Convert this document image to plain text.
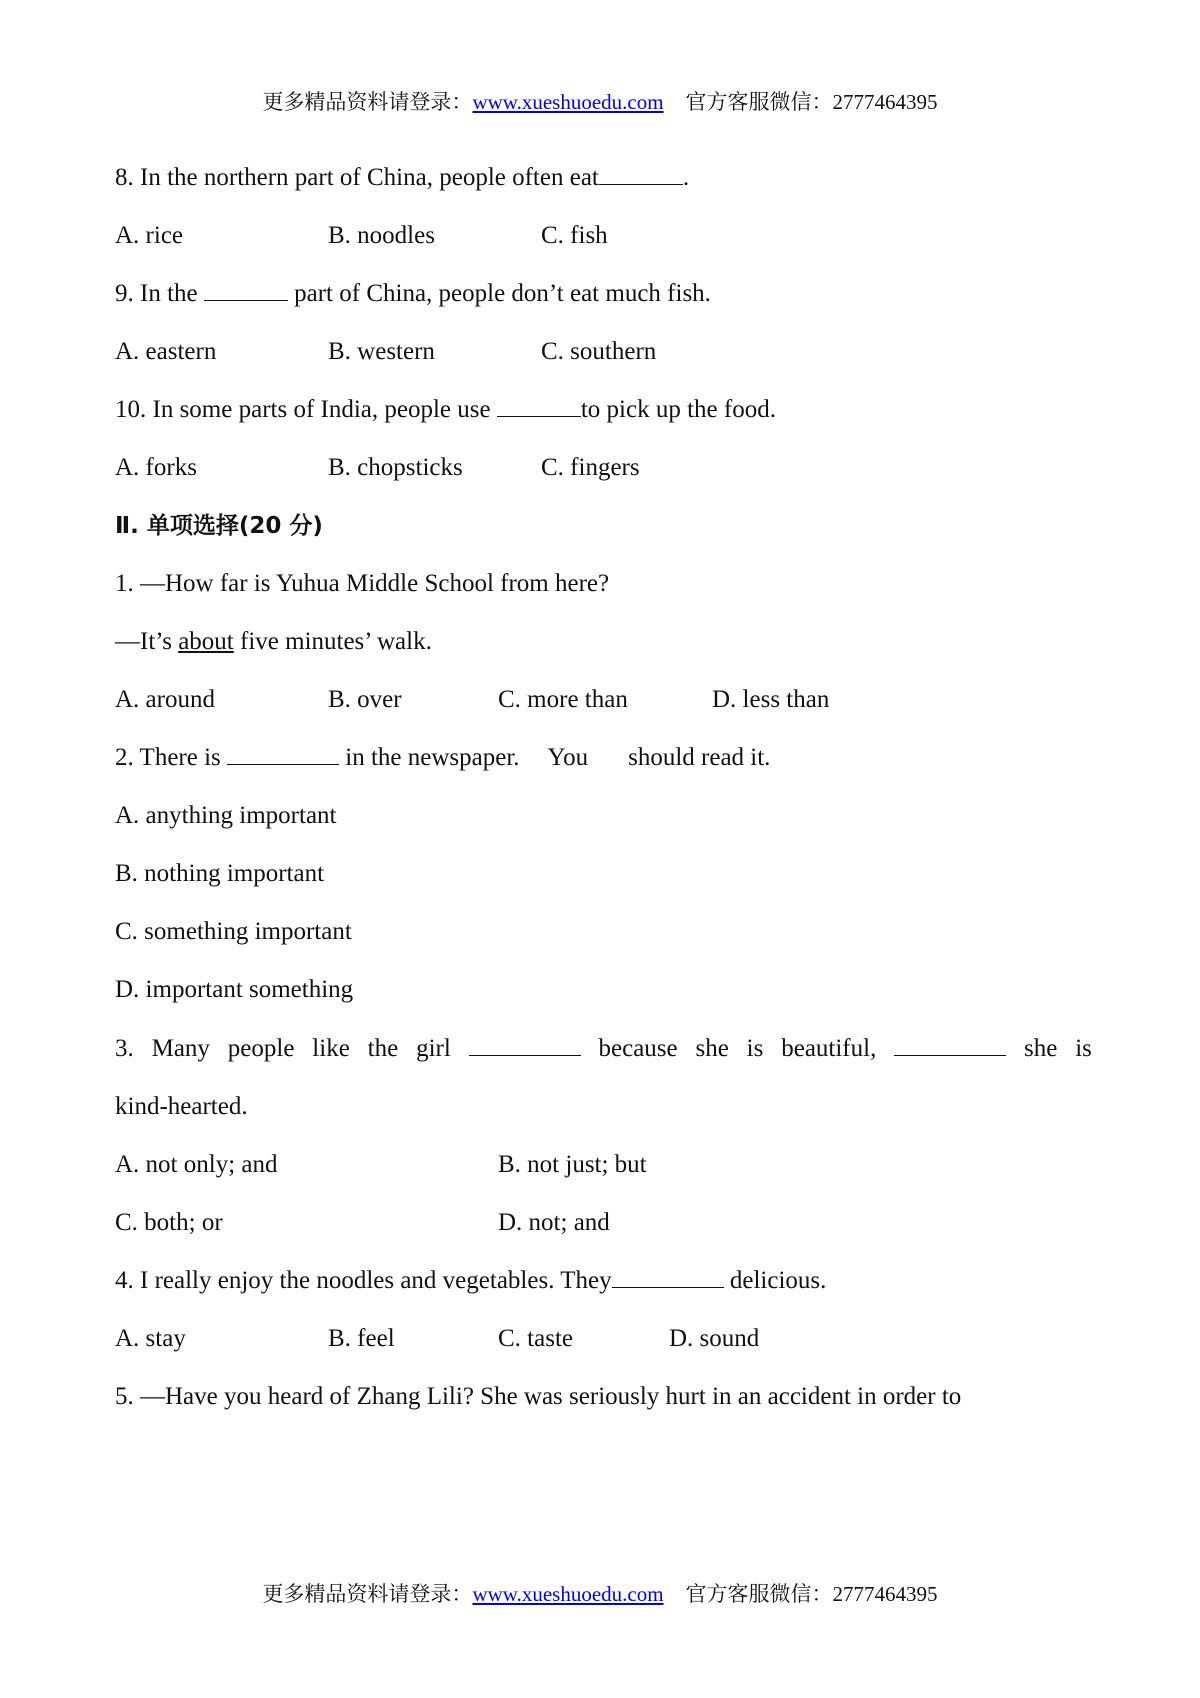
更多精品资料请登录：www.xueshuoedu.com 官方客服微信：2777464395
8. In the northern part of China, people often eat	.
A. rice	B. noodles	C. fish
9. In the	part of China, people don’t eat much fish.
A. eastern	B. western	C. southern
10. In some parts of India, people use	to pick up the food.
A. forks	B. chopsticks	C. fingers
Ⅱ. 单项选择(20 分)
1. —How far is Yuhua Middle School from here?
—It’s about five minutes’ walk.
A. around	B. over	C. more than	D. less than
2. There is	in the newspaper. You should read it.
A. anything important
B. nothing important
C. something important
D. important something
3. Many people like the girl	because she is beautiful,	she is
kind-hearted.
A. not only; and	B. not just; but
C. both; or	D. not; and
4. I really enjoy the noodles and vegetables. They	delicious.
A. stay	B. feel	C. taste	D. sound
5. —Have you heard of Zhang Lili? She was seriously hurt in an accident in order to
更多精品资料请登录：www.xueshuoedu.com 官方客服微信：2777464395
